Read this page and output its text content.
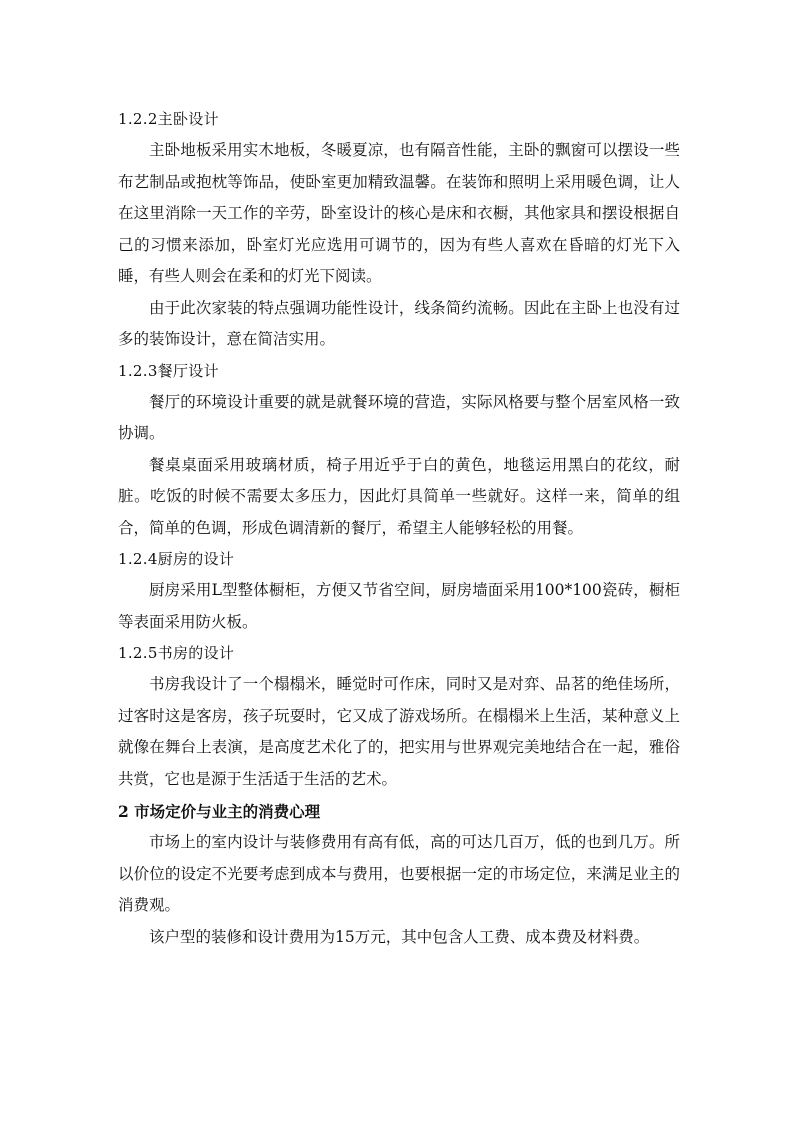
1.2.2主卧设计

主卧地板采用实木地板，冬暖夏凉，也有隔音性能，主卧的飘窗可以摆设一些布艺制品或抱枕等饰品，使卧室更加精致温馨。在装饰和照明上采用暖色调，让人在这里消除一天工作的辛劳，卧室设计的核心是床和衣橱，其他家具和摆设根据自己的习惯来添加，卧室灯光应选用可调节的，因为有些人喜欢在昏暗的灯光下入睡，有些人则会在柔和的灯光下阅读。

由于此次家装的特点强调功能性设计，线条简约流畅。因此在主卧上也没有过多的装饰设计，意在简洁实用。

1.2.3餐厅设计

餐厅的环境设计重要的就是就餐环境的营造，实际风格要与整个居室风格一致协调。

餐桌桌面采用玻璃材质，椅子用近乎于白的黄色，地毯运用黑白的花纹，耐脏。吃饭的时候不需要太多压力，因此灯具简单一些就好。这样一来，简单的组合，简单的色调，形成色调清新的餐厅，希望主人能够轻松的用餐。

1.2.4厨房的设计

厨房采用L型整体橱柜，方便又节省空间，厨房墙面采用100*100瓷砖，橱柜等表面采用防火板。

1.2.5书房的设计

书房我设计了一个榻榻米，睡觉时可作床，同时又是对弈、品茗的绝佳场所，过客时这是客房，孩子玩耍时，它又成了游戏场所。在榻榻米上生活，某种意义上就像在舞台上表演，是高度艺术化了的，把实用与世界观完美地结合在一起，雅俗共赏，它也是源于生活适于生活的艺术。

2 市场定价与业主的消费心理

市场上的室内设计与装修费用有高有低，高的可达几百万，低的也到几万。所以价位的设定不光要考虑到成本与费用，也要根据一定的市场定位，来满足业主的消费观。

该户型的装修和设计费用为15万元，其中包含人工费、成本费及材料费。
